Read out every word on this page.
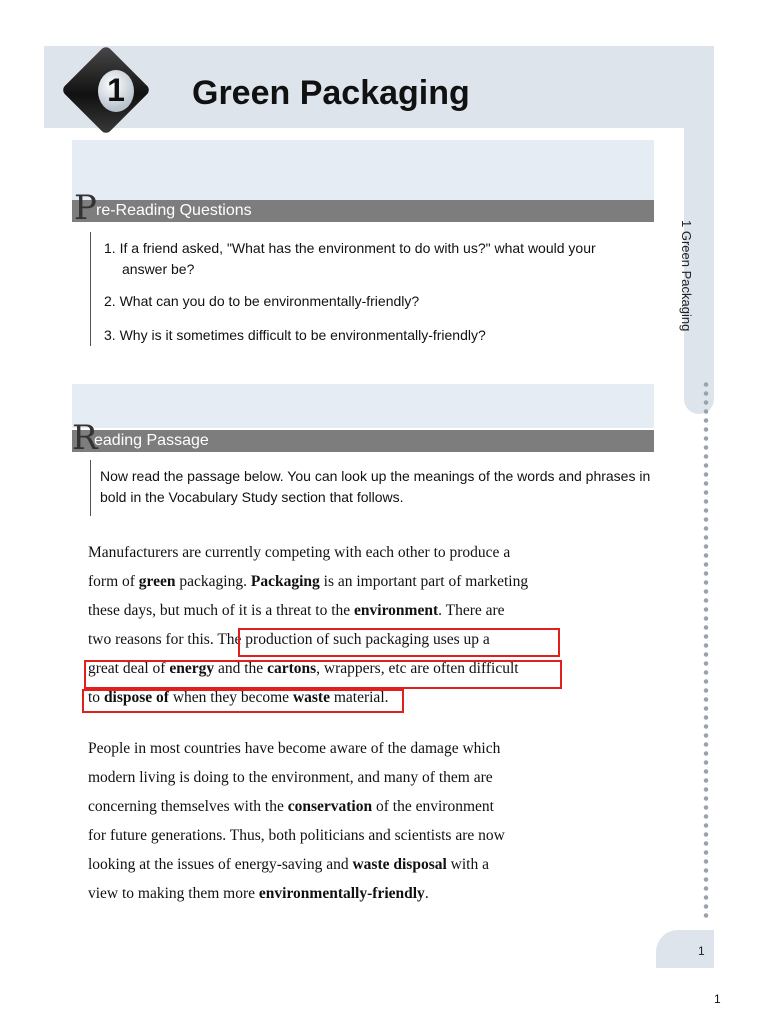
1 Green Packaging
P re-Reading Questions
1. If a friend asked, "What has the environment to do with us?" what would your
answer be?
2. What can you do to be environmentally-friendly?
3. Why is it sometimes difficult to be environmentally-friendly?
R
eading Passage
Now read the passage below. You can look up the meanings of the words and phrases in bold in the Vocabulary Study section that follows.
Manufacturers are currently competing with each other to produce a
form of green packaging. Packaging is an important part of marketing
these days, but much of it is a threat to the environment. There are
two reasons for this. The production of such packaging uses up a
great deal of energy and the cartons, wrappers, etc are often difficult
to dispose of when they become waste material.
People in most countries have become aware of the damage which
modern living is doing to the environment, and many of them are
concerning themselves with the conservation of the environment
for future generations. Thus, both politicians and scientists are now
looking at the issues of energy-saving and waste disposal with a
view to making them more environmentally-friendly.
1 Green Packaging
1
1
